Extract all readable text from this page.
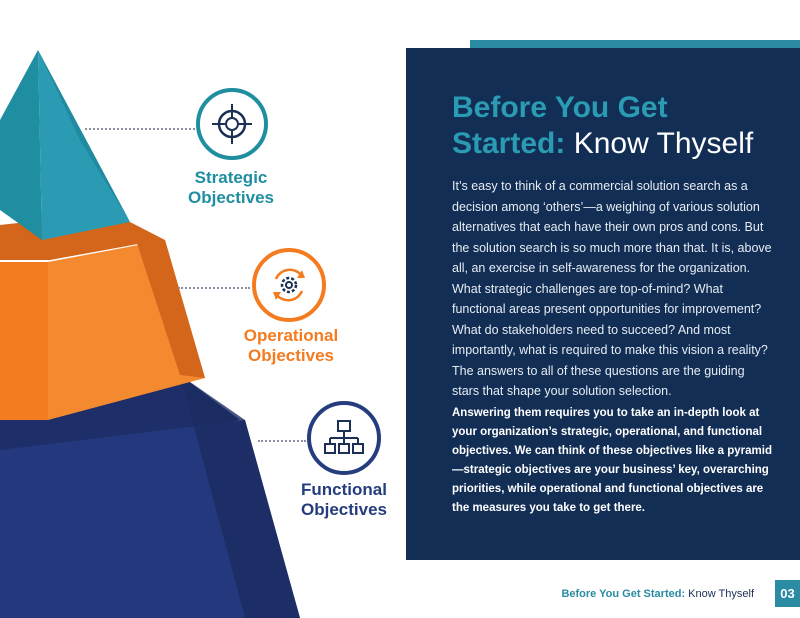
Strategic
Objectives
Operational
Objectives
Functional
Objectives
Before You Get Started: Know Thyself

It’s easy to think of a commercial solution search as a decision among ‘others’—a weighing of various solution alternatives that each have their own pros and cons. But the solution search is so much more than that. It is, above all, an exercise in self-awareness for the organization. What strategic challenges are top-of-mind? What functional areas present opportunities for improvement? What do stakeholders need to succeed? And most importantly, what is required to make this vision a reality? The answers to all of these questions are the guiding stars that shape your solution selection.

Answering them requires you to take an in-depth look at your organization’s strategic, operational, and functional objectives. We can think of these objectives like a pyramid—strategic objectives are your business’ key, overarching priorities, while operational and functional objectives are the measures you take to get there.

Before You Get Started: Know Thyself	03
